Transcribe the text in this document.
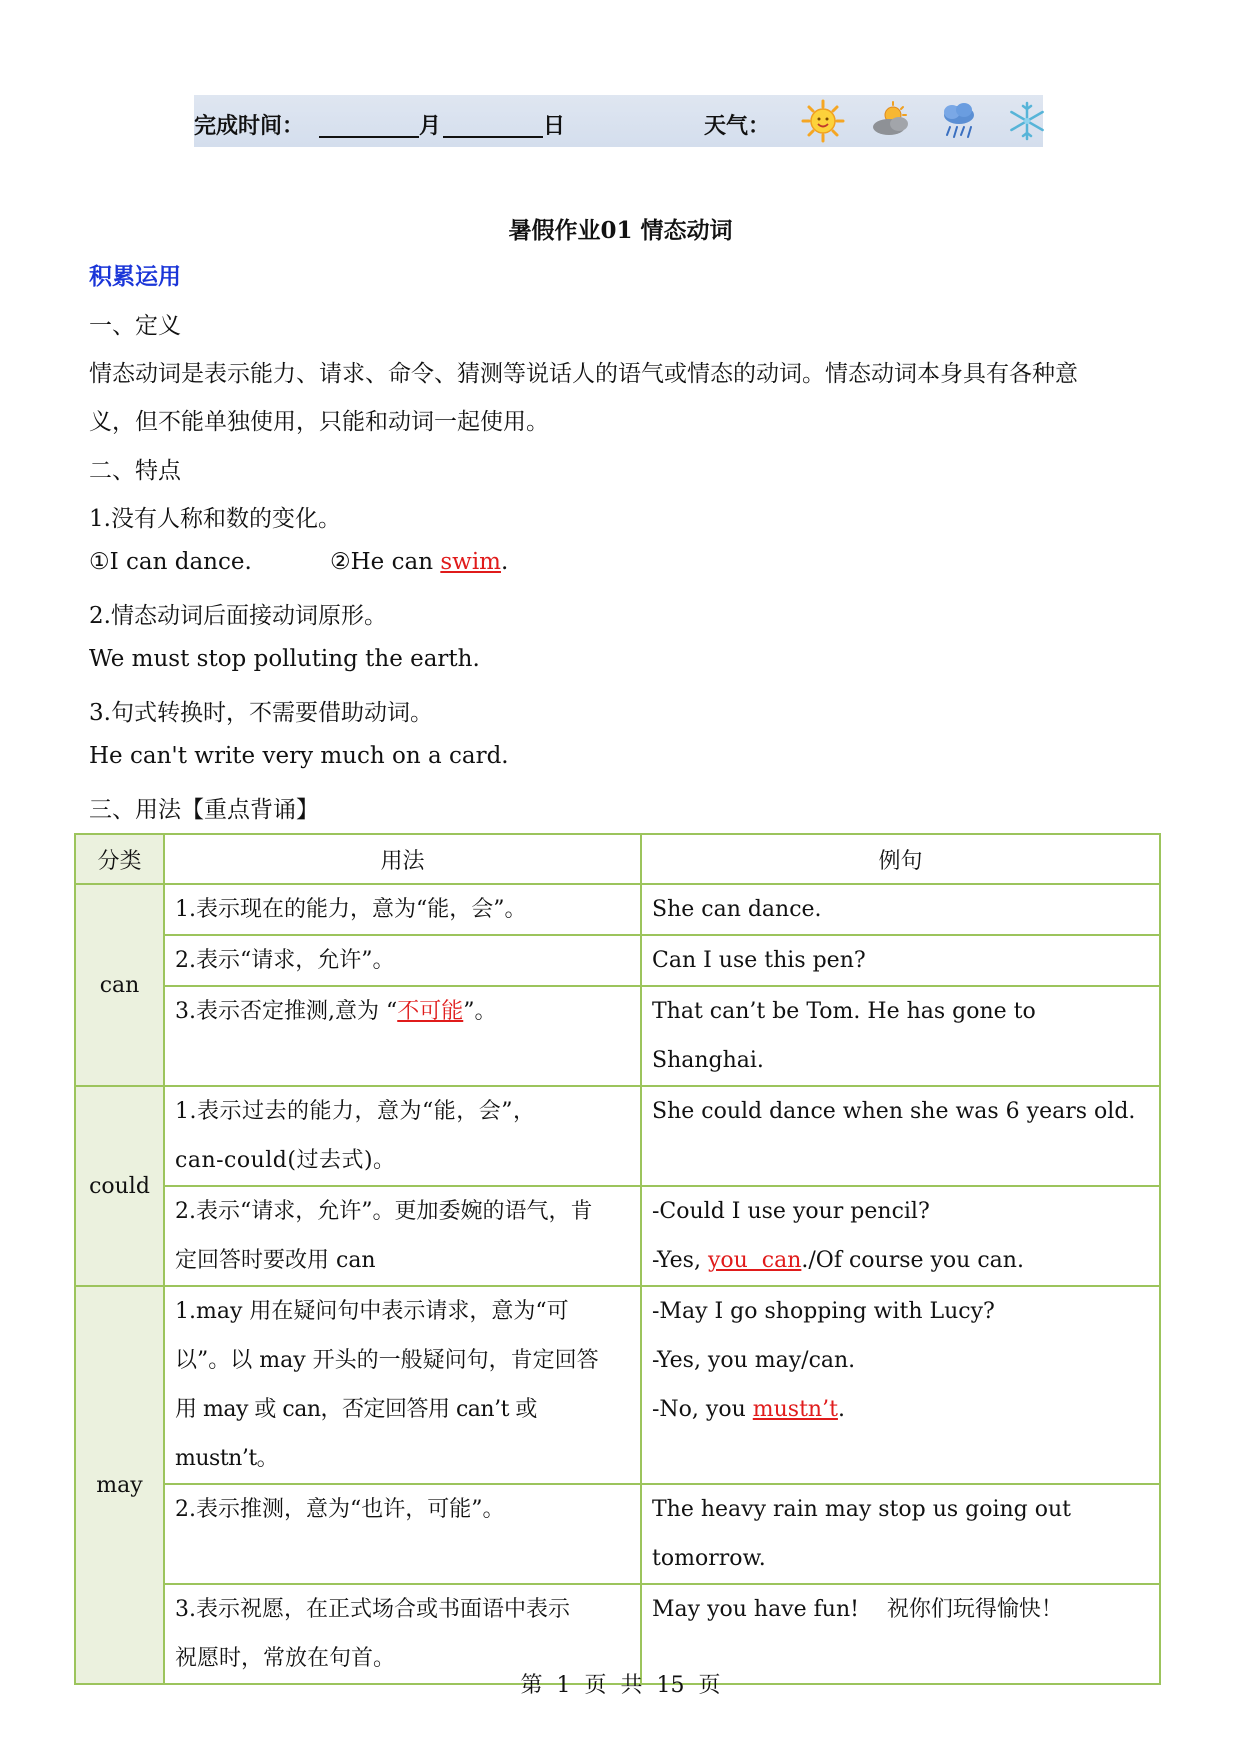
完成时间：	月	日	天气：
暑假作业01 情态动词
积累运用
一、定义
情态动词是表示能力、请求、命令、猜测等说话人的语气或情态的动词。情态动词本身具有各种意
义，但不能单独使用，只能和动词一起使用。
二、特点
1.没有人称和数的变化。
①I can dance.	②He can swim.
2.情态动词后面接动词原形。
We must stop polluting the earth.
3.句式转换时，不需要借助动词。
He can't write very much on a card.
三、用法【重点背诵】
分类	用法	例句
can	1.表示现在的能力，意为“能，会”。	She can dance.

	2.表示“请求，允许”。	Can I use this pen?

	3.表示否定推测,意为 “不可能”。	That can’t be Tom. He has gone to Shanghai.

could	1.表示过去的能力，意为“能，会”，
can-could(过去式)。	She could dance when she was 6 years old.

	2.表示“请求，允许”。更加委婉的语气，肯
定回答时要改用 can	-Could I use your pencil?
-Yes, you  can./Of course you can.

may	1.may 用在疑问句中表示请求，意为“可
以”。以 may 开头的一般疑问句，肯定回答
用 may 或 can，否定回答用 can’t 或 mustn’t。	-May I go shopping with Lucy?
-Yes, you may/can.
-No, you mustn’t.

	2.表示推测，意为“也许，可能”。	The heavy rain may stop us going out tomorrow.

	3.表示祝愿，在正式场合或书面语中表示
祝愿时，常放在句首。	May you have fun!    祝你们玩得愉快！
第  1  页  共  15  页
